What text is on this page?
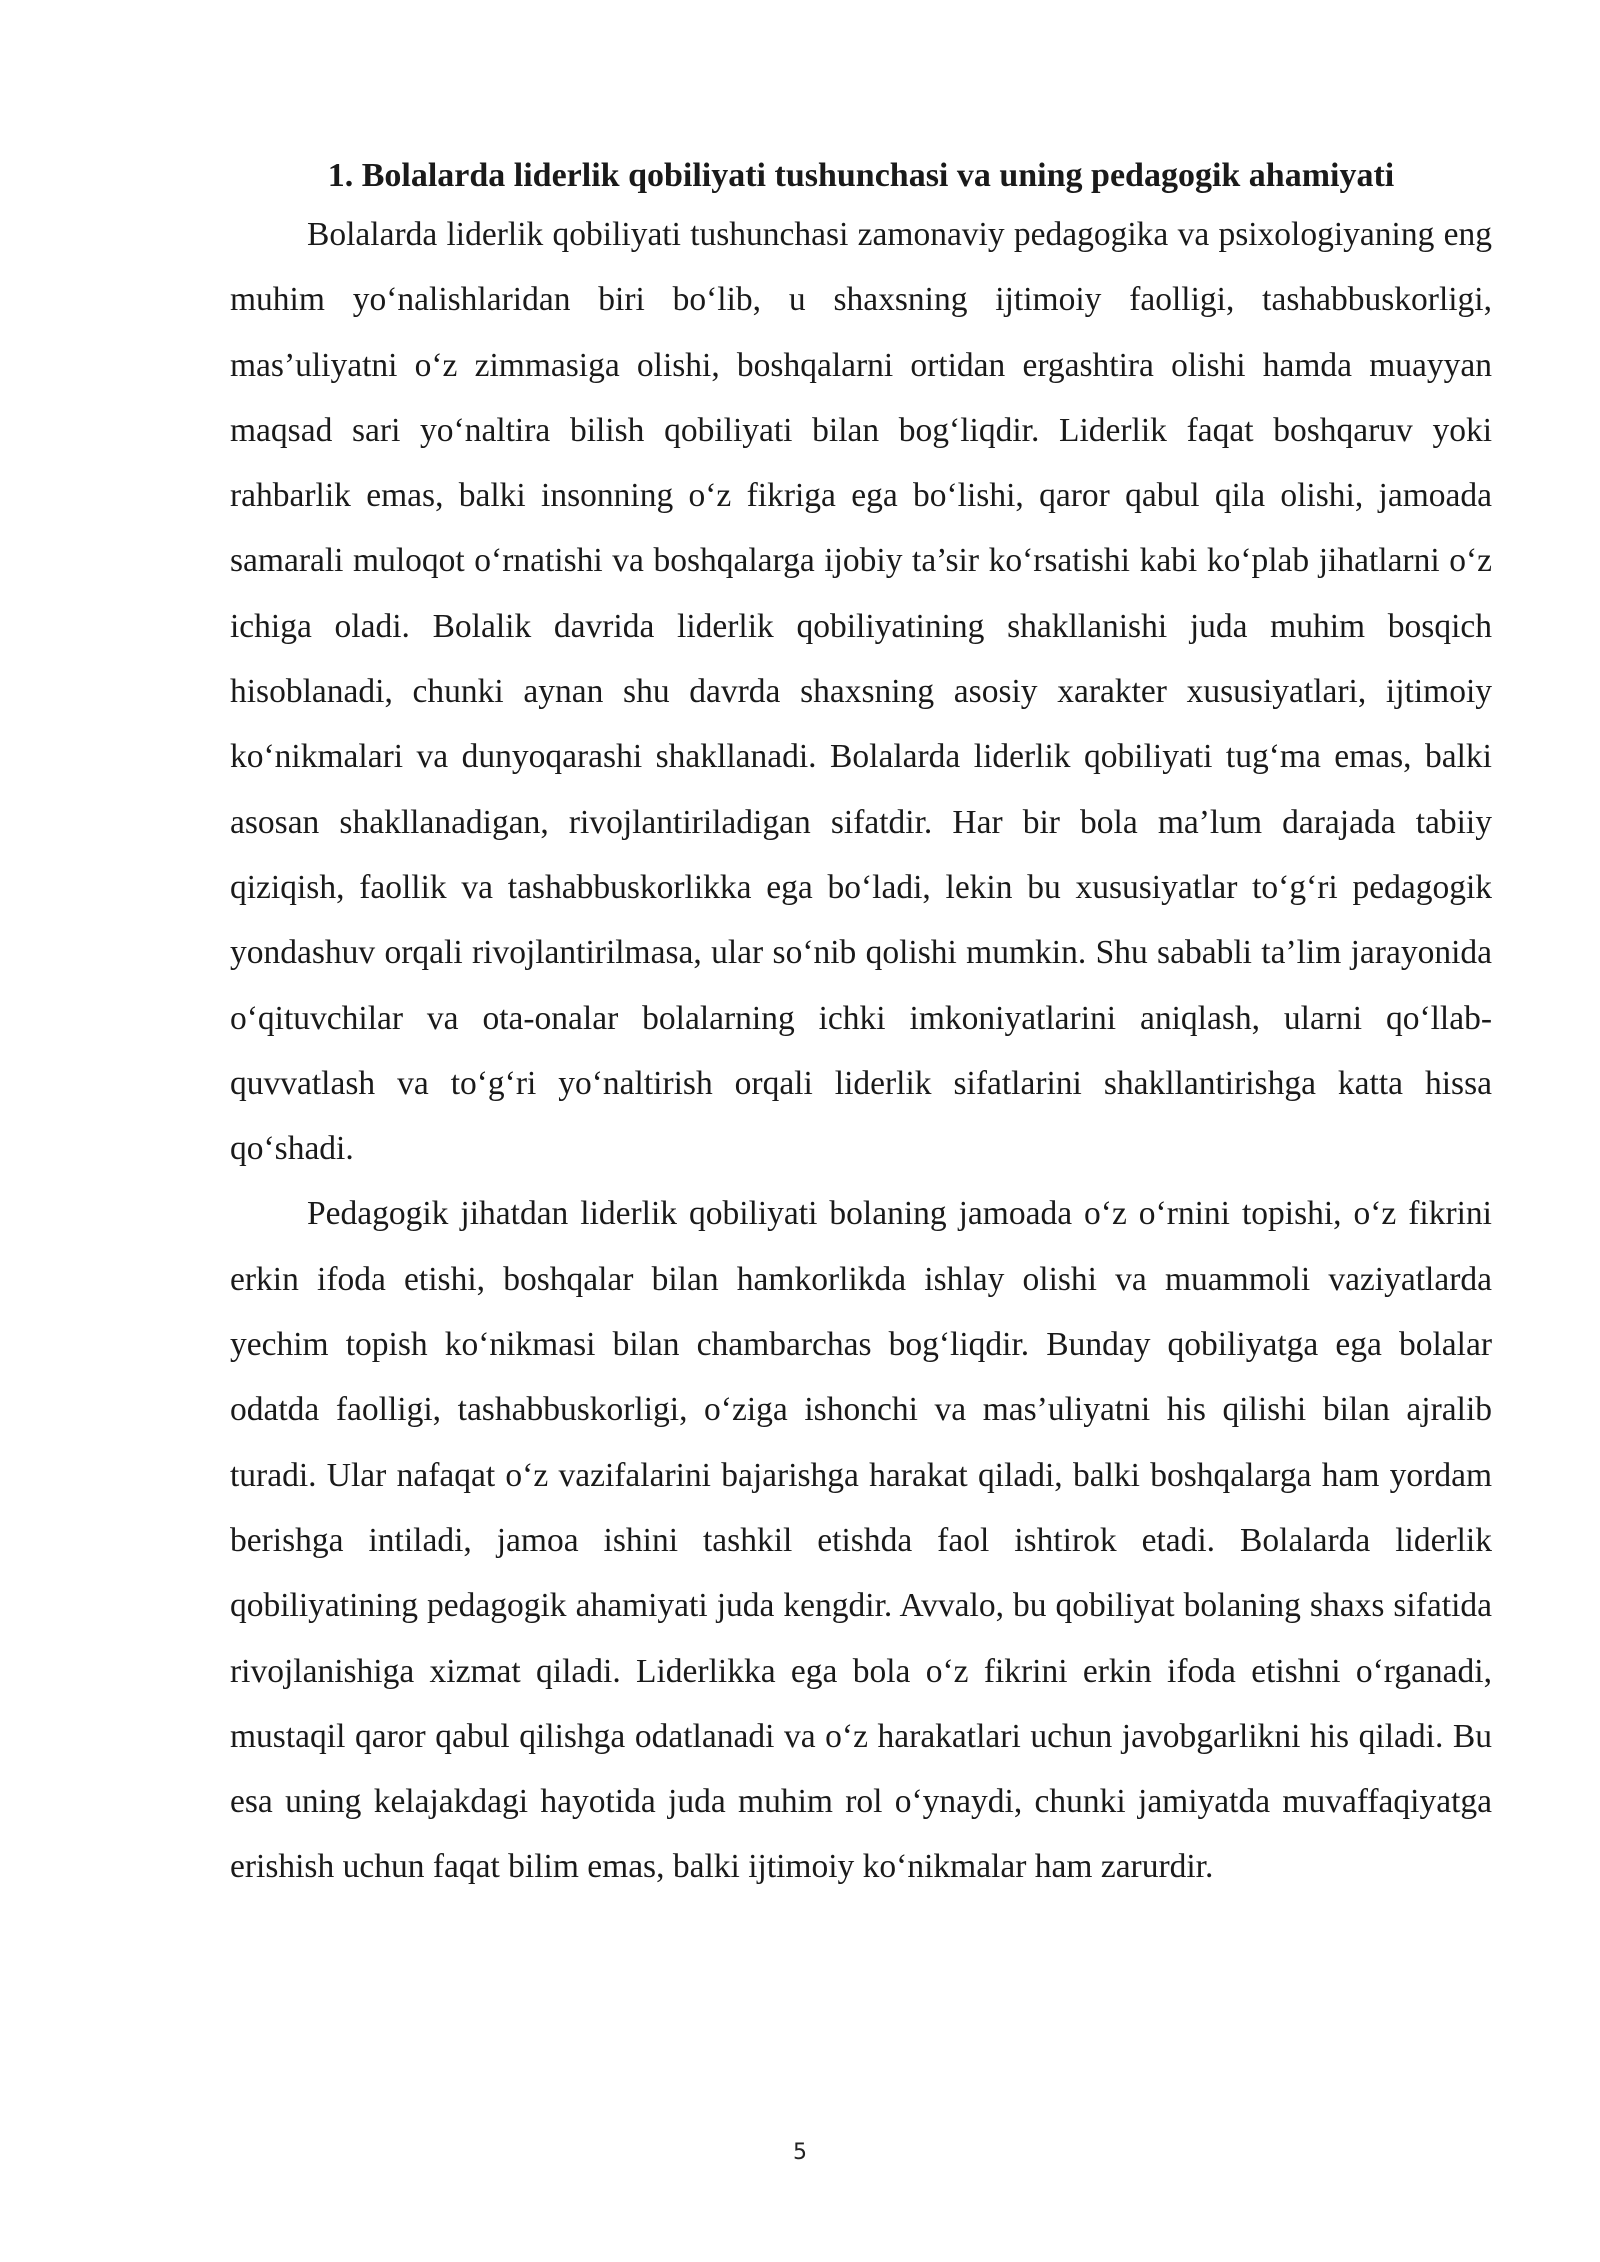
1. Bolalarda liderlik qobiliyati tushunchasi va uning pedagogik ahamiyati

Bolalarda liderlik qobiliyati tushunchasi zamonaviy pedagogika va psixologiyaning eng muhim yo‘nalishlaridan biri bo‘lib, u shaxsning ijtimoiy faolligi, tashabbuskorligi, mas’uliyatni o‘z zimmasiga olishi, boshqalarni ortidan ergashtira olishi hamda muayyan maqsad sari yo‘naltira bilish qobiliyati bilan bog‘liqdir. Liderlik faqat boshqaruv yoki rahbarlik emas, balki insonning o‘z fikriga ega bo‘lishi, qaror qabul qila olishi, jamoada samarali muloqot o‘rnatishi va boshqalarga ijobiy ta’sir ko‘rsatishi kabi ko‘plab jihatlarni o‘z ichiga oladi. Bolalik davrida liderlik qobiliyatining shakllanishi juda muhim bosqich hisoblanadi, chunki aynan shu davrda shaxsning asosiy xarakter xususiyatlari, ijtimoiy ko‘nikmalari va dunyoqarashi shakllanadi. Bolalarda liderlik qobiliyati tug‘ma emas, balki asosan shakllanadigan, rivojlantiriladigan sifatdir. Har bir bola ma’lum darajada tabiiy qiziqish, faollik va tashabbuskorlikka ega bo‘ladi, lekin bu xususiyatlar to‘g‘ri pedagogik yondashuv orqali rivojlantirilmasa, ular so‘nib qolishi mumkin. Shu sababli ta’lim jarayonida o‘qituvchilar va ota-onalar bolalarning ichki imkoniyatlarini aniqlash, ularni qo‘llab-quvvatlash va to‘g‘ri yo‘naltirish orqali liderlik sifatlarini shakllantirishga katta hissa qo‘shadi.

Pedagogik jihatdan liderlik qobiliyati bolaning jamoada o‘z o‘rnini topishi, o‘z fikrini erkin ifoda etishi, boshqalar bilan hamkorlikda ishlay olishi va muammoli vaziyatlarda yechim topish ko‘nikmasi bilan chambarchas bog‘liqdir. Bunday qobiliyatga ega bolalar odatda faolligi, tashabbuskorligi, o‘ziga ishonchi va mas’uliyatni his qilishi bilan ajralib turadi. Ular nafaqat o‘z vazifalarini bajarishga harakat qiladi, balki boshqalarga ham yordam berishga intiladi, jamoa ishini tashkil etishda faol ishtirok etadi. Bolalarda liderlik qobiliyatining pedagogik ahamiyati juda kengdir. Avvalo, bu qobiliyat bolaning shaxs sifatida rivojlanishiga xizmat qiladi. Liderlikka ega bola o‘z fikrini erkin ifoda etishni o‘rganadi, mustaqil qaror qabul qilishga odatlanadi va o‘z harakatlari uchun javobgarlikni his qiladi. Bu esa uning kelajakdagi hayotida juda muhim rol o‘ynaydi, chunki jamiyatda muvaffaqiyatga erishish uchun faqat bilim emas, balki ijtimoiy ko‘nikmalar ham zarurdir.

5
